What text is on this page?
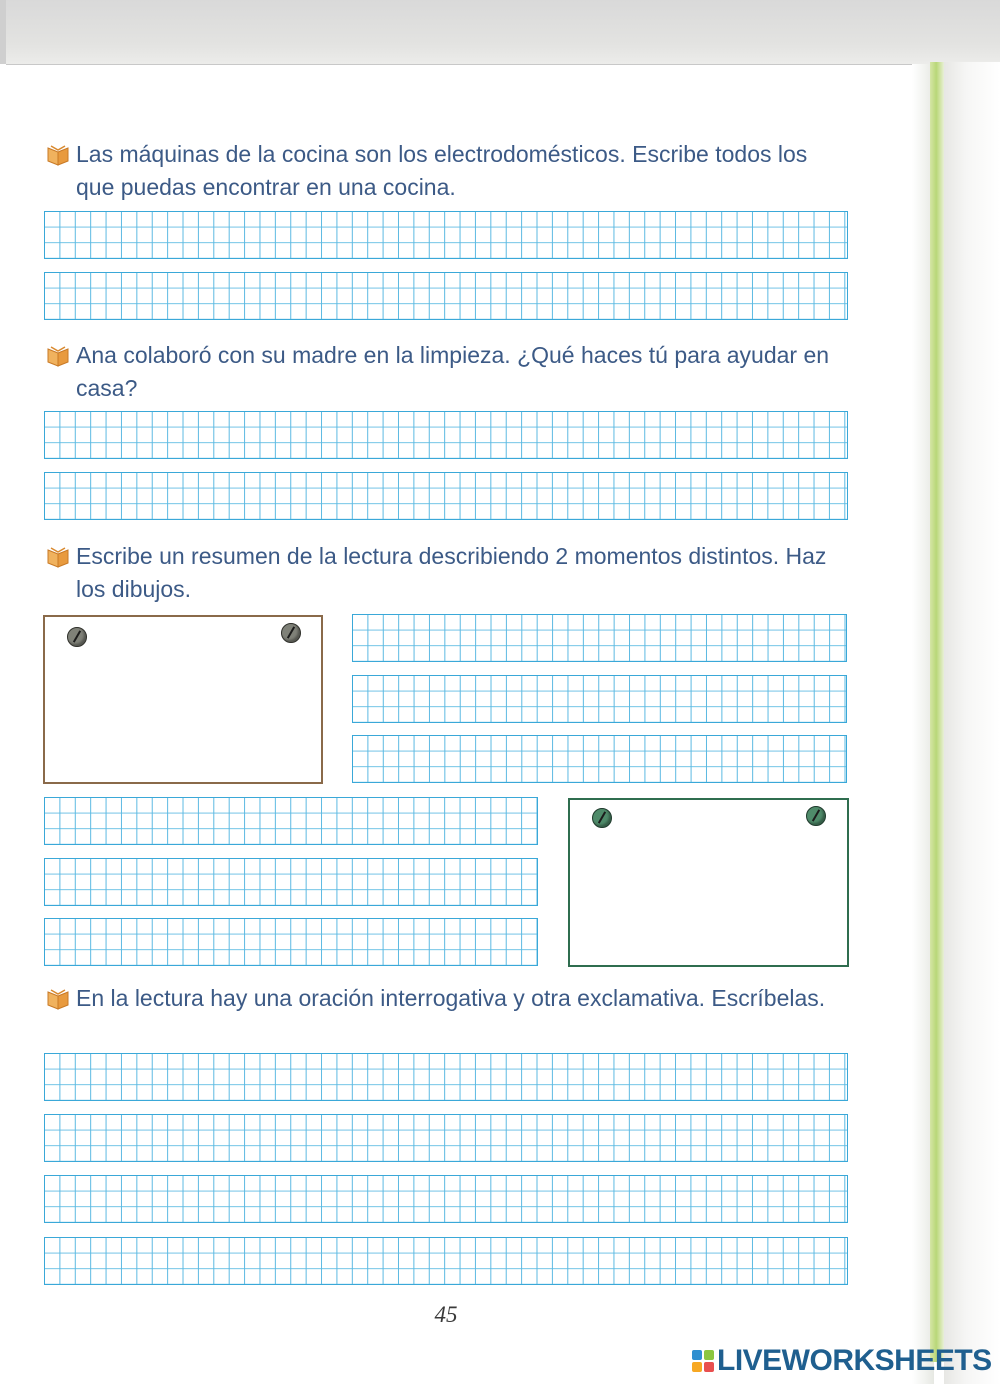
Las máquinas de la cocina son los electrodomésticos. Escribe todos los que puedas encontrar en una cocina.
Ana colaboró con su madre en la limpieza. ¿Qué haces tú para ayudar en casa?
Escribe un resumen de la lectura describiendo 2 momentos distintos. Haz los dibujos.
En la lectura hay una oración interrogativa y otra exclamativa. Escríbelas.
45
LIVEWORKSHEETS
